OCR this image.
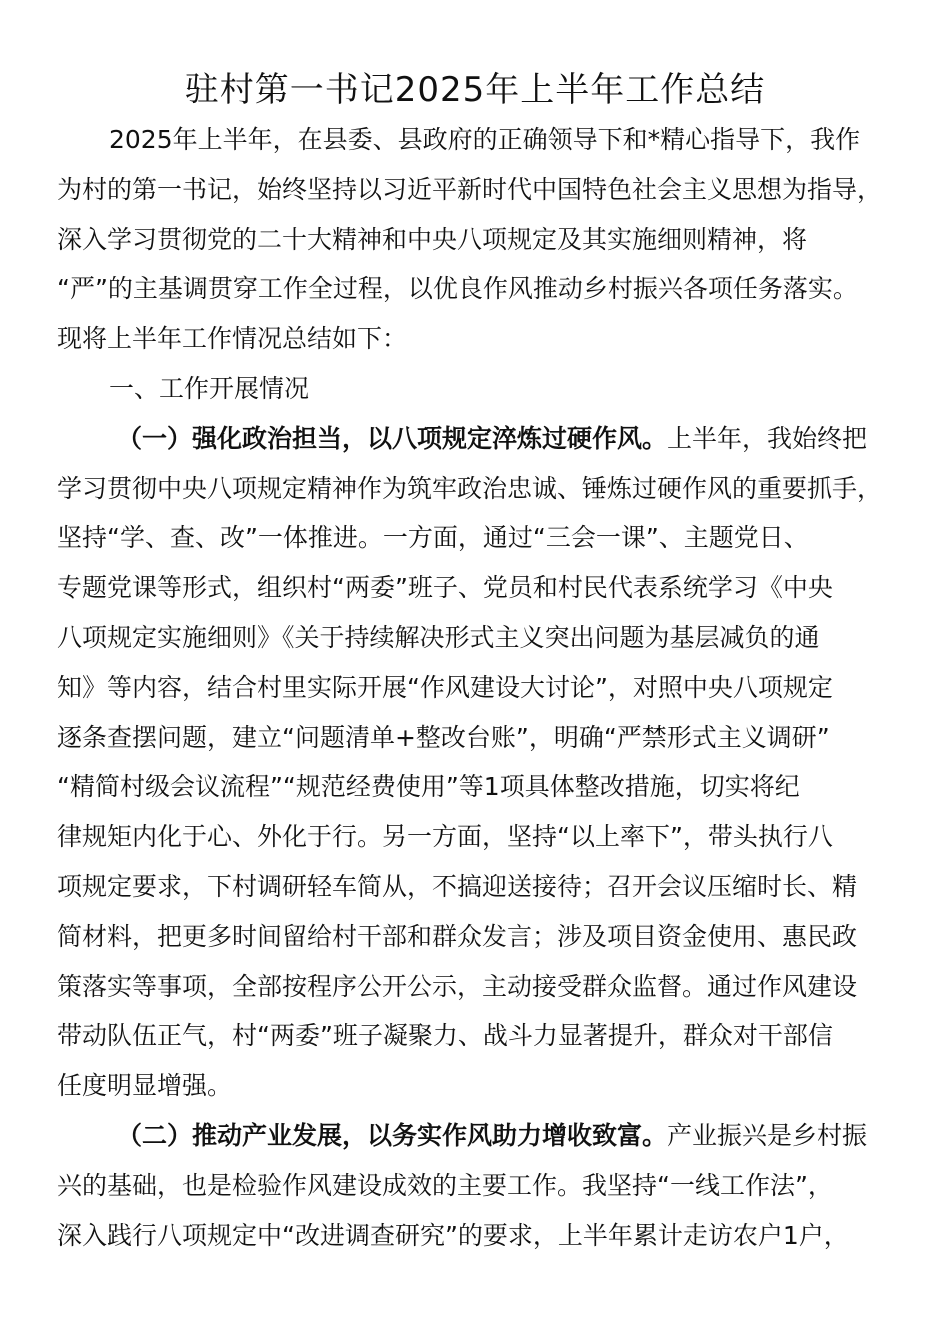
驻村第一书记2025年上半年工作总结
2025年上半年，在县委、县政府的正确领导下和*精心指导下，我作
为村的第一书记，始终坚持以习近平新时代中国特色社会主义思想为指导，
深入学习贯彻党的二十大精神和中央八项规定及其实施细则精神，将
“严”的主基调贯穿工作全过程，以优良作风推动乡村振兴各项任务落实。
现将上半年工作情况总结如下：
一、工作开展情况
（一）强化政治担当，以八项规定淬炼过硬作风。上半年，我始终把
学习贯彻中央八项规定精神作为筑牢政治忠诚、锤炼过硬作风的重要抓手，
坚持“学、查、改”一体推进。一方面，通过“三会一课”、主题党日、
专题党课等形式，组织村“两委”班子、党员和村民代表系统学习《中央
八项规定实施细则》《关于持续解决形式主义突出问题为基层减负的通
知》等内容，结合村里实际开展“作风建设大讨论”，对照中央八项规定
逐条查摆问题，建立“问题清单+整改台账”，明确“严禁形式主义调研”
“精简村级会议流程”“规范经费使用”等1项具体整改措施，切实将纪
律规矩内化于心、外化于行。另一方面，坚持“以上率下”，带头执行八
项规定要求，下村调研轻车简从，不搞迎送接待；召开会议压缩时长、精
简材料，把更多时间留给村干部和群众发言；涉及项目资金使用、惠民政
策落实等事项，全部按程序公开公示，主动接受群众监督。通过作风建设
带动队伍正气，村“两委”班子凝聚力、战斗力显著提升，群众对干部信
任度明显增强。
（二）推动产业发展，以务实作风助力增收致富。产业振兴是乡村振
兴的基础，也是检验作风建设成效的主要工作。我坚持“一线工作法”，
深入践行八项规定中“改进调查研究”的要求，上半年累计走访农户1户，
